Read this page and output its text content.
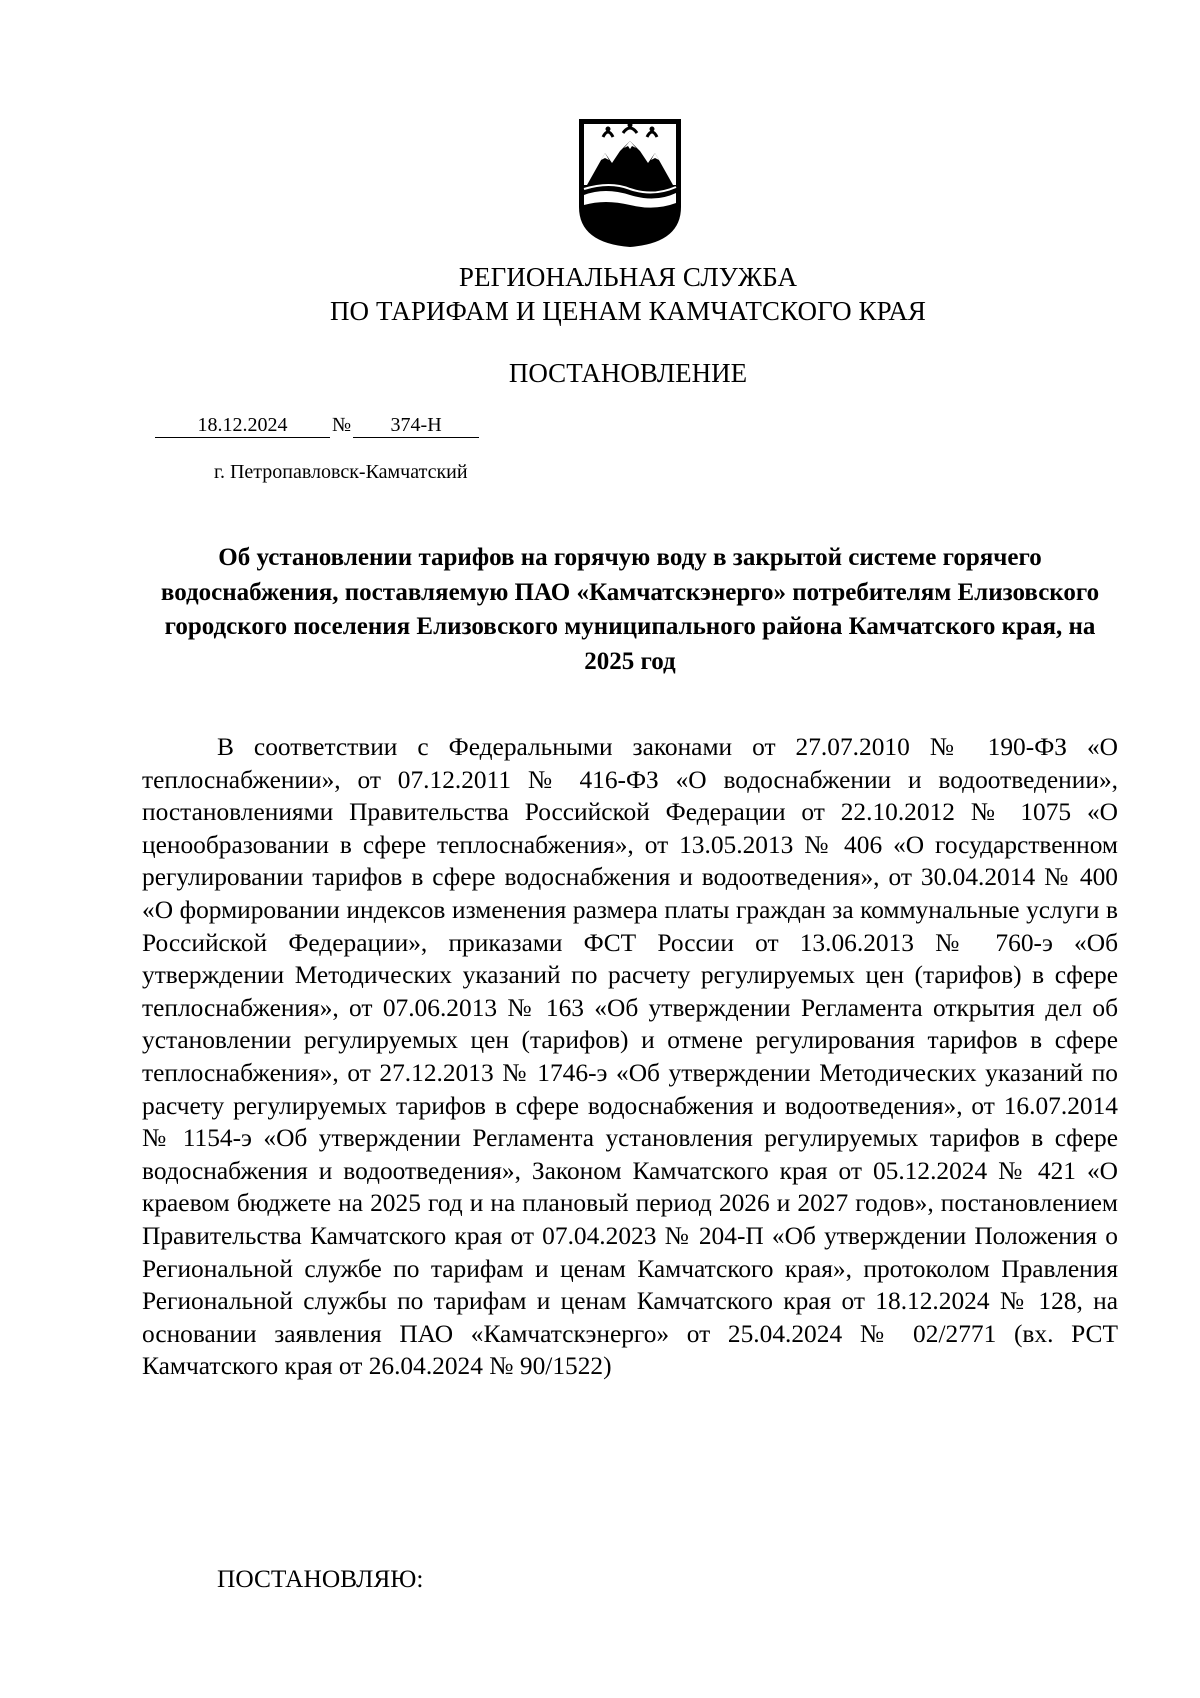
РЕГИОНАЛЬНАЯ СЛУЖБА
ПО ТАРИФАМ И ЦЕНАМ КАМЧАТСКОГО КРАЯ
ПОСТАНОВЛЕНИЕ
18.12.2024 № 374-Н
г. Петропавловск-Камчатский
Об установлении тарифов на горячую воду в закрытой системе горячего водоснабжения, поставляемую ПАО «Камчатскэнерго» потребителям Елизовского городского поселения Елизовского муниципального района Камчатского края, на 2025 год
В соответствии с Федеральными законами от 27.07.2010 № 190-ФЗ «О теплоснабжении», от 07.12.2011 № 416-ФЗ «О водоснабжении и водоотведении», постановлениями Правительства Российской Федерации от 22.10.2012 № 1075 «О ценообразовании в сфере теплоснабжения», от 13.05.2013 № 406 «О государственном регулировании тарифов в сфере водоснабжения и водоотведения», от 30.04.2014 № 400 «О формировании индексов изменения размера платы граждан за коммунальные услуги в Российской Федерации», приказами ФСТ России от 13.06.2013 № 760-э «Об утверждении Методических указаний по расчету регулируемых цен (тарифов) в сфере теплоснабжения», от 07.06.2013 № 163 «Об утверждении Регламента открытия дел об установлении регулируемых цен (тарифов) и отмене регулирования тарифов в сфере теплоснабжения», от 27.12.2013 № 1746-э «Об утверждении Методических указаний по расчету регулируемых тарифов в сфере водоснабжения и водоотведения», от 16.07.2014 № 1154-э «Об утверждении Регламента установления регулируемых тарифов в сфере водоснабжения и водоотведения», Законом Камчатского края от 05.12.2024 № 421 «О краевом бюджете на 2025 год и на плановый период 2026 и 2027 годов», постановлением Правительства Камчатского края от 07.04.2023 № 204-П «Об утверждении Положения о Региональной службе по тарифам и ценам Камчатского края», протоколом Правления Региональной службы по тарифам и ценам Камчатского края от 18.12.2024 № 128, на основании заявления ПАО «Камчатскэнерго» от 25.04.2024 № 02/2771 (вх. РСТ Камчатского края от 26.04.2024 № 90/1522)
ПОСТАНОВЛЯЮ:
